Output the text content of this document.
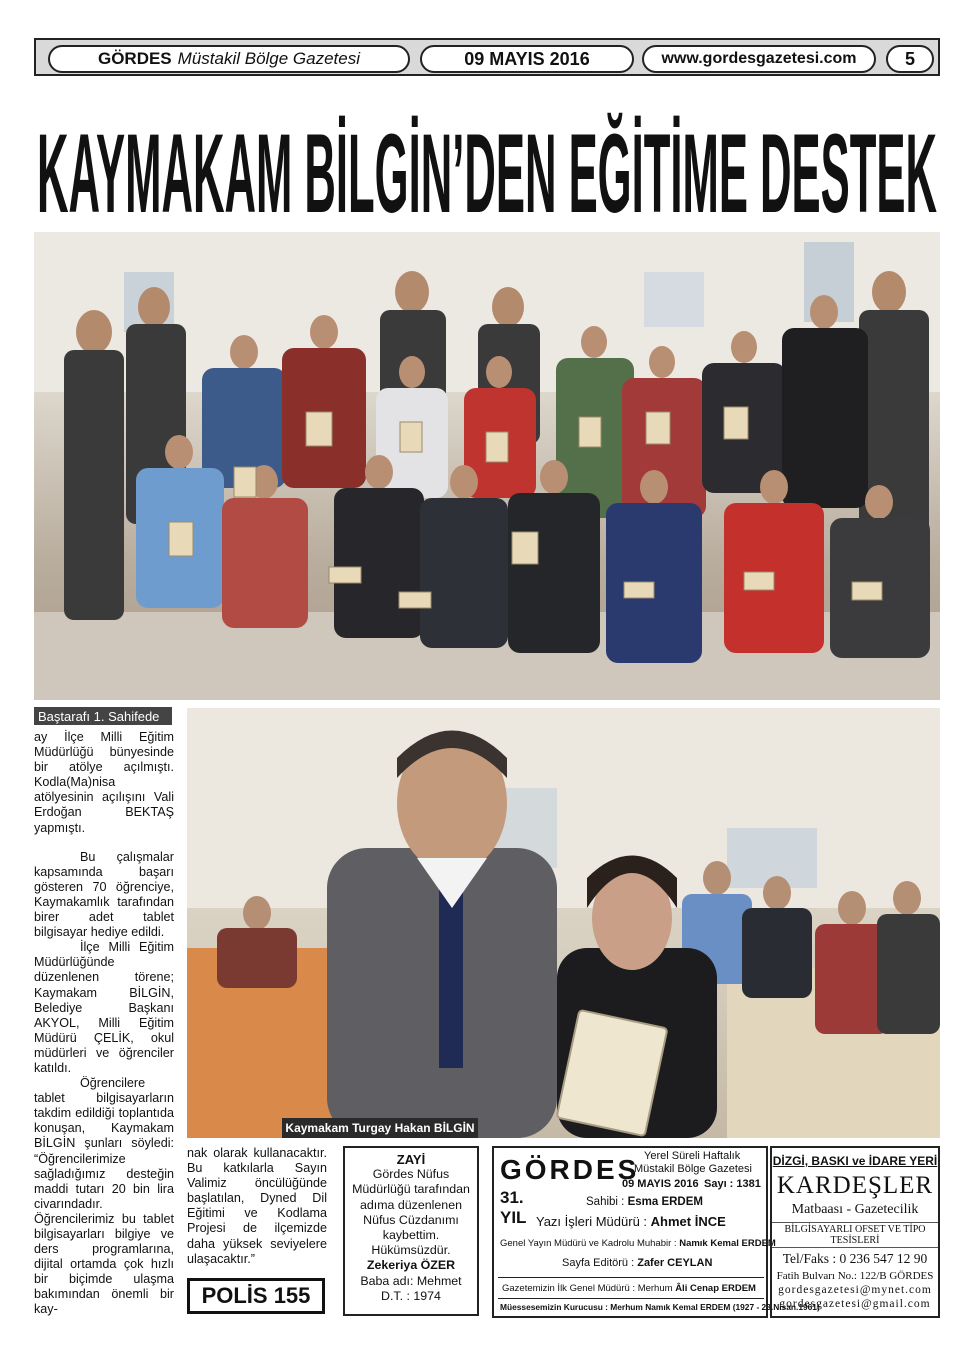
GÖRDES Müstakil Bölge Gazetesi	09 MAYIS 2016	www.gordesgazetesi.com	5
KAYMAKAM BİLGİN’DEN EĞİTİME DESTEK
Baştarafı 1. Sahifede

ay İlçe Milli Eğitim Müdürlüğü bünyesinde bir atölye açılmıştı. Kodla(Ma)nisa atölyesinin açılışını Vali Erdoğan BEKTAŞ yapmıştı.

Bu çalışmalar kapsamında başarı gösteren 70 öğrenciye, Kaymakamlık tarafından birer adet tablet bilgisayar hediye edildi.

İlçe Milli Eğitim Müdürlüğünde düzenlenen törene; Kaymakam BİLGİN, Belediye Başkanı AKYOL, Milli Eğitim Müdürü ÇELİK, okul müdürleri ve öğrenciler katıldı.

Öğrencilere tablet bilgisayarların takdim edildiği toplantıda konuşan, Kaymakam BİLGİN şunları söyledi: “Öğrencilerimize sağladığımız desteğin maddi tutarı 20 bin lira civarındadır. Öğrencilerimiz bu tablet bilgisayarları bilgiye ve ders programlarına, dijital ortamda çok hızlı bir biçimde ulaşma bakımından önemli bir kay-

Kaymakam Turgay Hakan BİLGİN

nak olarak kullanacaktır. Bu katkılarla Sayın Valimiz öncülüğünde başlatılan, Dyned Dil Eğitimi ve Kodlama Projesi de ilçemizde daha yüksek seviyelere ulaşacaktır.”

POLİS 155
ZAYİ
Gördes Nüfus Müdürlüğü tarafından adıma düzenlenen Nüfus Cüzdanımı kaybettim. Hükümsüzdür.
Zekeriya ÖZER
Baba adı: Mehmet
D.T. : 1974
GÖRDES
31.
YIL
Yerel Süreli Haftalık
Müstakil Bölge Gazetesi
09 MAYIS 2016 Sayı : 1381
Sahibi : Esma ERDEM
Yazı İşleri Müdürü : Ahmet İNCE
Genel Yayın Müdürü ve Kadrolu Muhabir : Namık Kemal ERDEM
Sayfa Editörü : Zafer CEYLAN
Gazetemizin İlk Genel Müdürü : Merhum Âli Cenap ERDEM
Müessesemizin Kurucusu : Merhum Namık Kemal ERDEM (1927 - 23.Nisan.1961)
DİZGİ, BASKI ve İDARE YERİ
KARDEŞLER
Matbaası - Gazetecilik
BİLGİSAYARLI OFSET VE TİPO TESİSLERİ
Tel/Faks : 0 236 547 12 90
Fatih Bulvarı No.: 122/B GÖRDES
gordesgazetesi@mynet.com
gordesgazetesi@gmail.com
